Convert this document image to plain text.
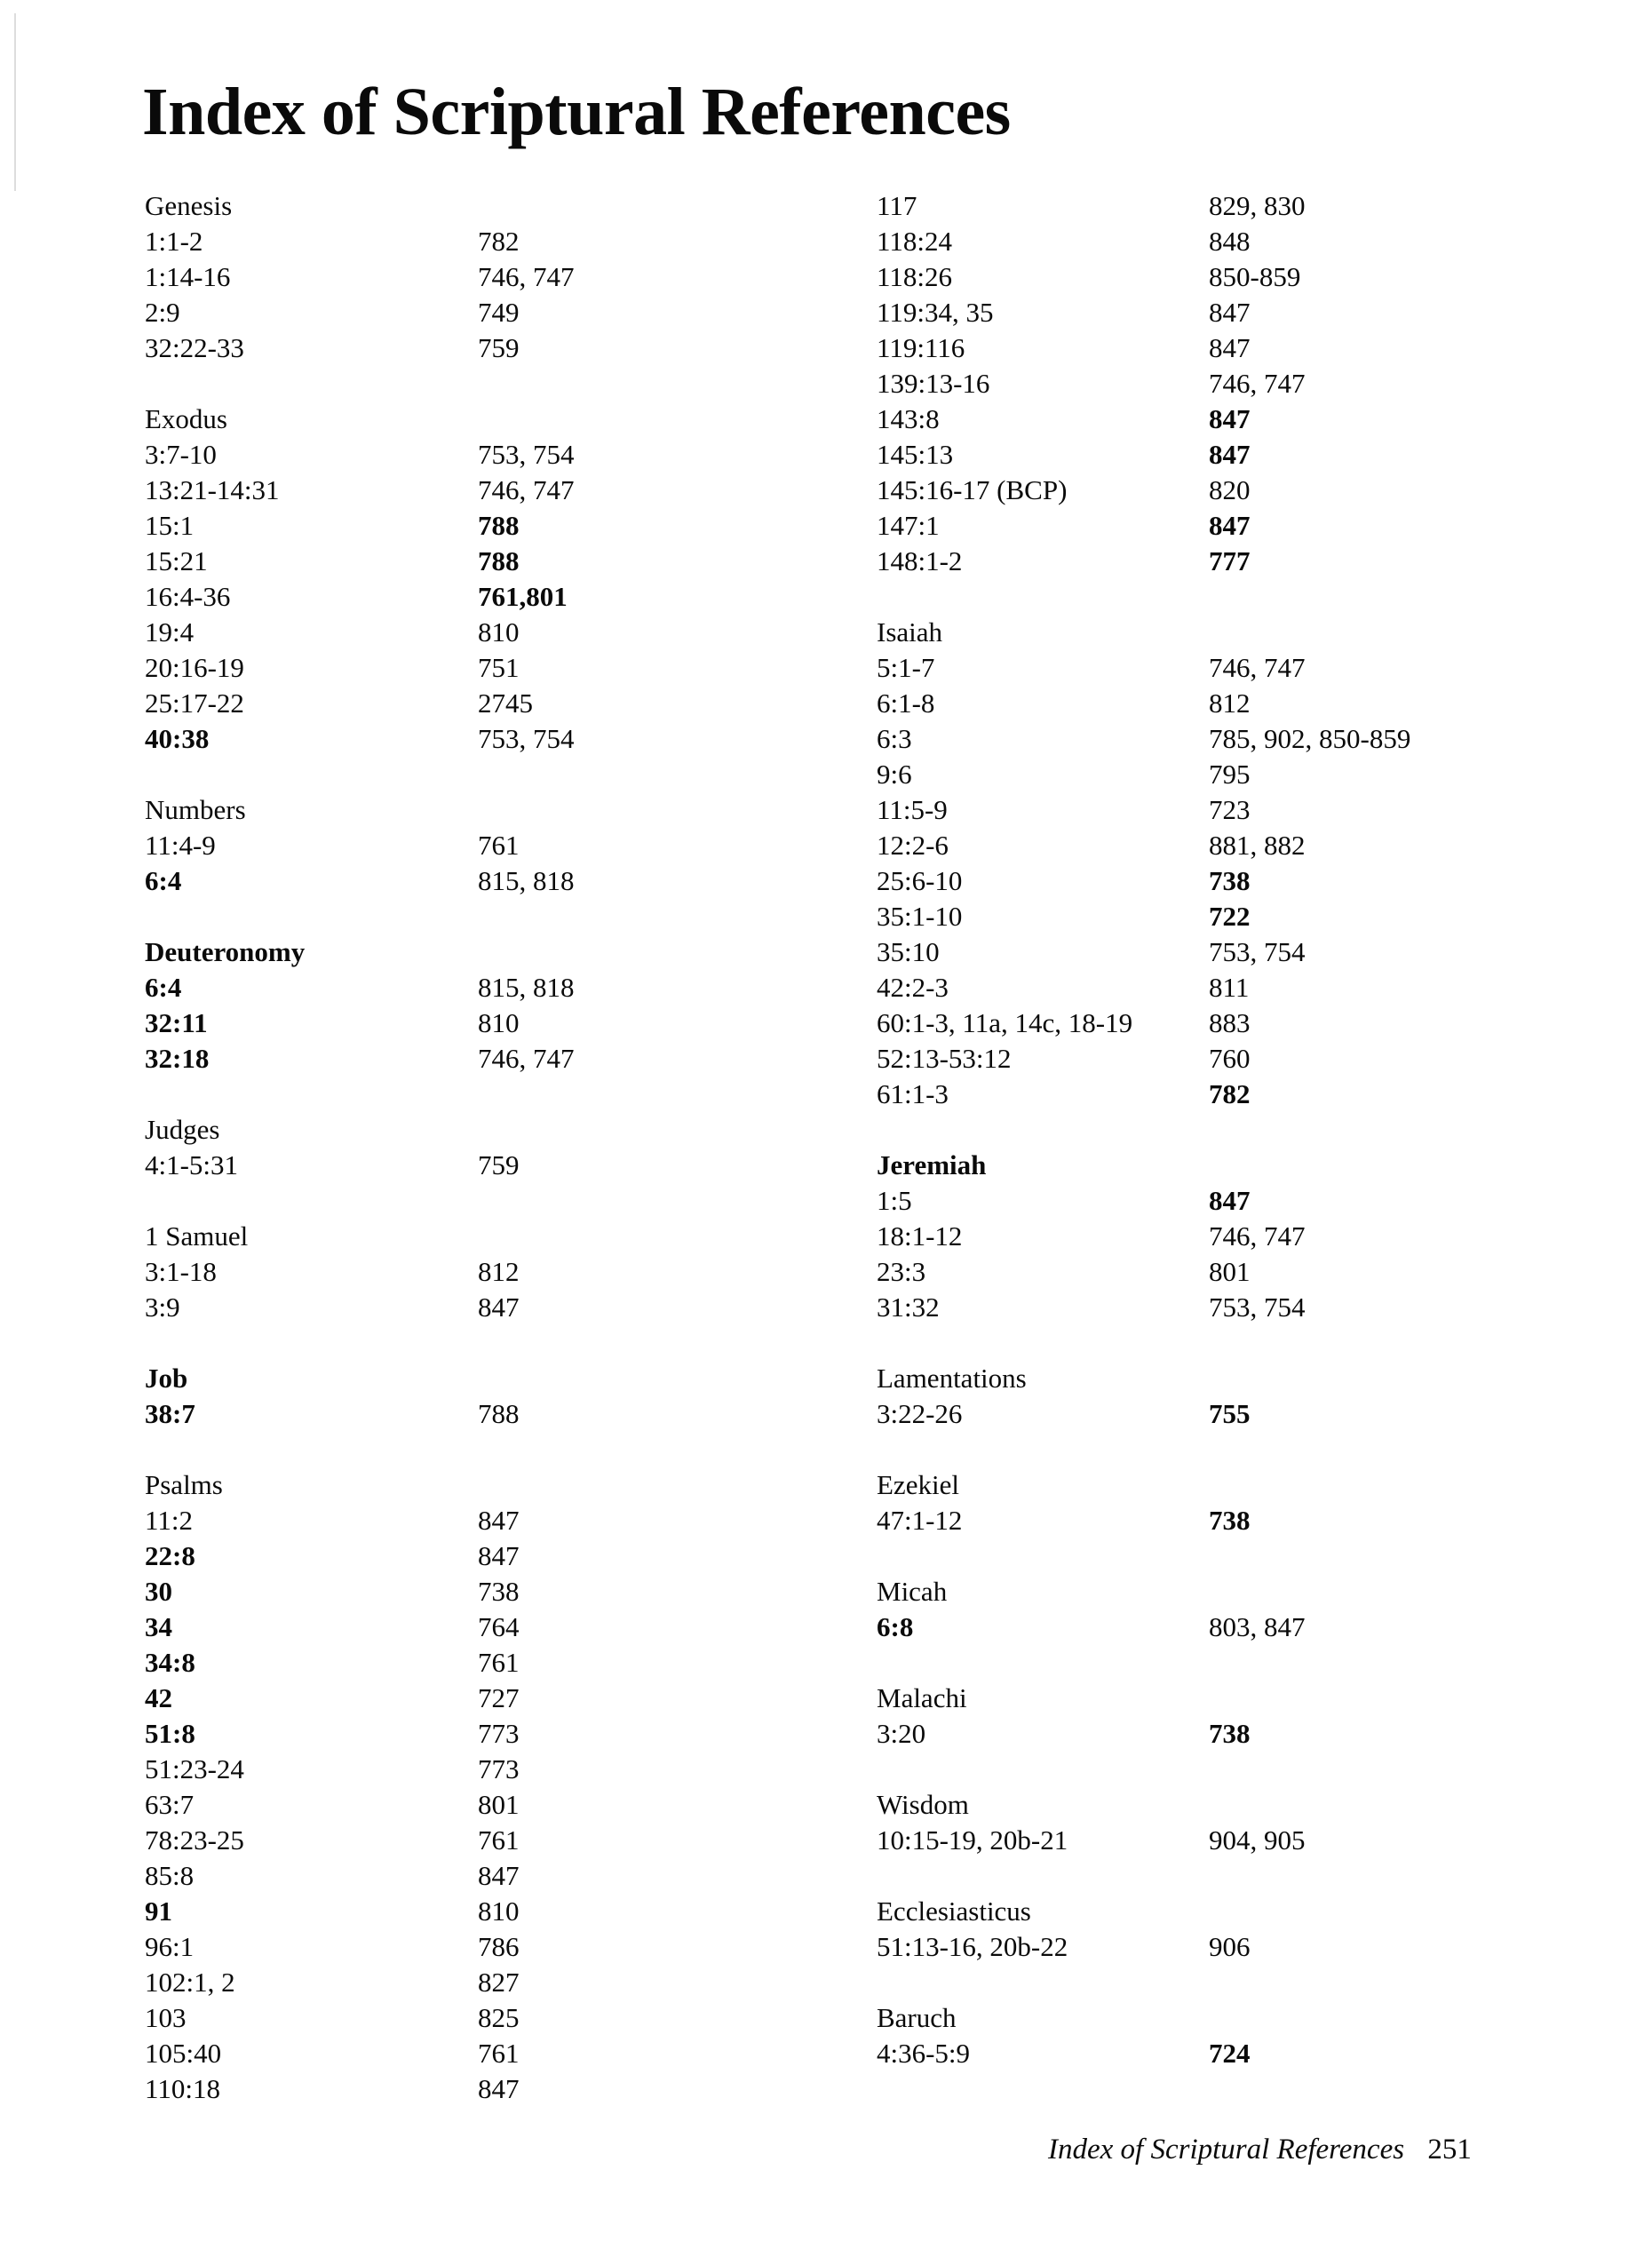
Index of Scriptural References
Genesis
1:1-2	782
1:14-16	746, 747
2:9	749
32:22-33	759
Exodus
3:7-10	753, 754
13:21-14:31	746, 747
15:1	788
15:21	788
16:4-36	761,801
19:4	810
20:16-19	751
25:17-22	2745
40:38	753, 754
Numbers
11:4-9	761
6:4	815, 818
Deuteronomy
6:4	815, 818
32:11	810
32:18	746, 747
Judges
4:1-5:31	759
1 Samuel
3:1-18	812
3:9	847
Job
38:7	788
Psalms
11:2	847
22:8	847
30	738
34	764
34:8	761
42	727
51:8	773
51:23-24	773
63:7	801
78:23-25	761
85:8	847
91	810
96:1	786
102:1, 2	827
103	825
105:40	761
110:18	847
117	829, 830
118:24	848
118:26	850-859
119:34, 35	847
119:116	847
139:13-16	746, 747
143:8	847
145:13	847
145:16-17 (BCP)	820
147:1	847
148:1-2	777
Isaiah
5:1-7	746, 747
6:1-8	812
6:3	785, 902, 850-859
9:6	795
11:5-9	723
12:2-6	881, 882
25:6-10	738
35:1-10	722
35:10	753, 754
42:2-3	811
60:1-3, 11a, 14c, 18-19	883
52:13-53:12	760
61:1-3	782
Jeremiah
1:5	847
18:1-12	746, 747
23:3	801
31:32	753, 754
Lamentations
3:22-26	755
Ezekiel
47:1-12	738
Micah
6:8	803, 847
Malachi
3:20	738
Wisdom
10:15-19, 20b-21	904, 905
Ecclesiasticus
51:13-16, 20b-22	906
Baruch
4:36-5:9	724
Index of Scriptural References 251
